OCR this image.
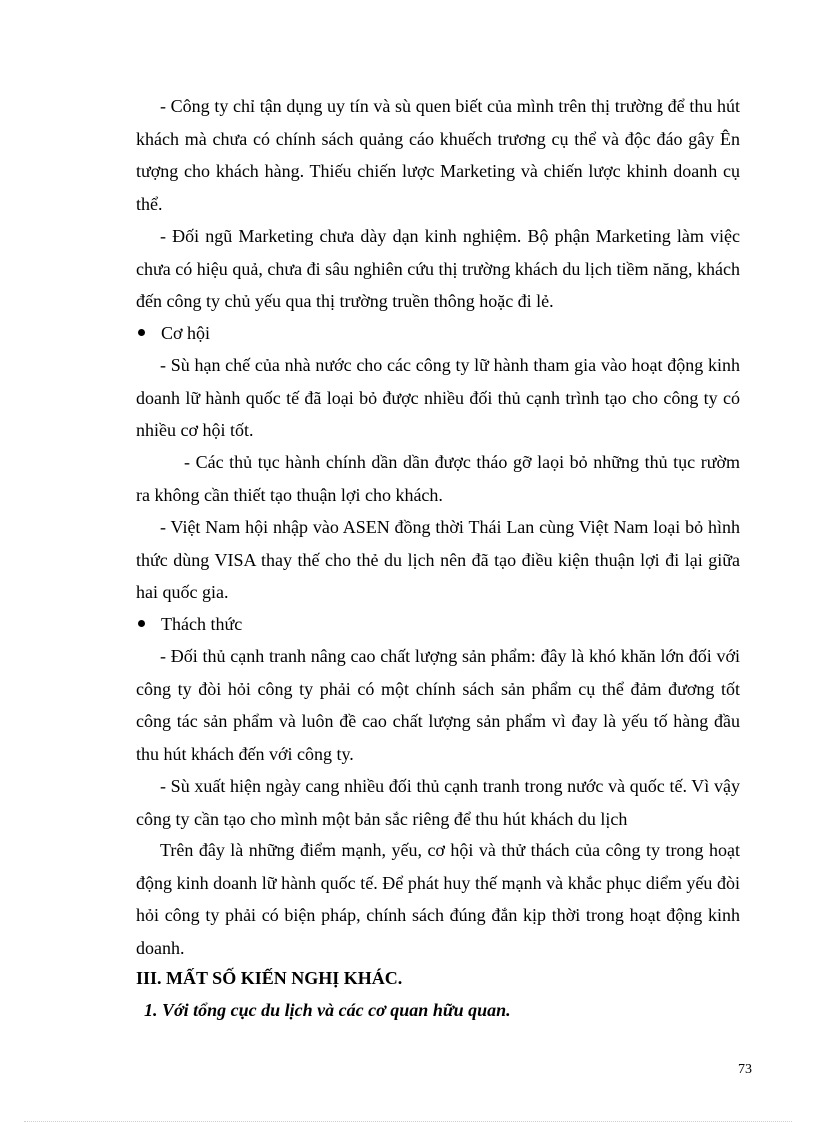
- Công ty chỉ tận dụng uy tín và sù quen biết của mình trên thị trường để thu hút khách mà chưa có chính sách quảng cáo khuếch trương cụ thể và độc đáo gây Ên tượng cho khách hàng. Thiếu chiến lược Marketing và chiến lược khinh doanh cụ thể.

- Đối ngũ Marketing chưa dày dạn kinh nghiệm. Bộ phận Marketing làm việc chưa có hiệu quả, chưa đi sâu nghiên cứu thị trường khách du lịch tiềm năng, khách đến công ty chủ yếu qua thị trường truền thông hoặc đi lẻ.

Cơ hội

- Sù hạn chế của nhà nước cho các công ty lữ hành tham gia vào hoạt động kinh doanh lữ hành quốc tế đã loại bỏ được nhiều đối thủ cạnh trình tạo cho công ty có nhiều cơ hội tốt.

- Các thủ tục hành chính dần dần được tháo gỡ laọi bỏ những thủ tục rườm ra không cần thiết tạo thuận lợi cho khách.

- Việt Nam hội nhập vào ASEN đồng thời Thái Lan cùng Việt Nam loại bỏ hình thức dùng VISA thay thế cho thẻ du lịch nên đã tạo điều kiện thuận lợi đi lại giữa hai quốc gia.

Thách thức

- Đối thủ cạnh tranh nâng cao chất lượng sản phẩm: đây là khó khăn lớn đối với công ty đòi hỏi công ty phải có một chính sách sản phẩm cụ thể đảm đương tốt công tác sản phẩm và luôn đề cao chất lượng sản phẩm vì đay là yếu tố hàng đầu thu hút khách đến với công ty.

- Sù xuất hiện ngày cang nhiều đối thủ cạnh tranh trong nước và quốc tế. Vì vậy công ty cần tạo cho mình một bản sắc riêng để thu hút khách du lịch

Trên đây là những điểm mạnh, yếu, cơ hội và thử thách của công ty trong hoạt động kinh doanh lữ hành quốc tế. Để phát huy thế mạnh và khắc phục diểm yếu đòi hỏi công ty phải có biện pháp, chính sách đúng đắn kịp thời trong hoạt động kinh doanh.

III. MẤT SỐ KIẾN NGHỊ KHÁC.
1. Với tổng cục du lịch và các cơ quan hữu quan.
73
